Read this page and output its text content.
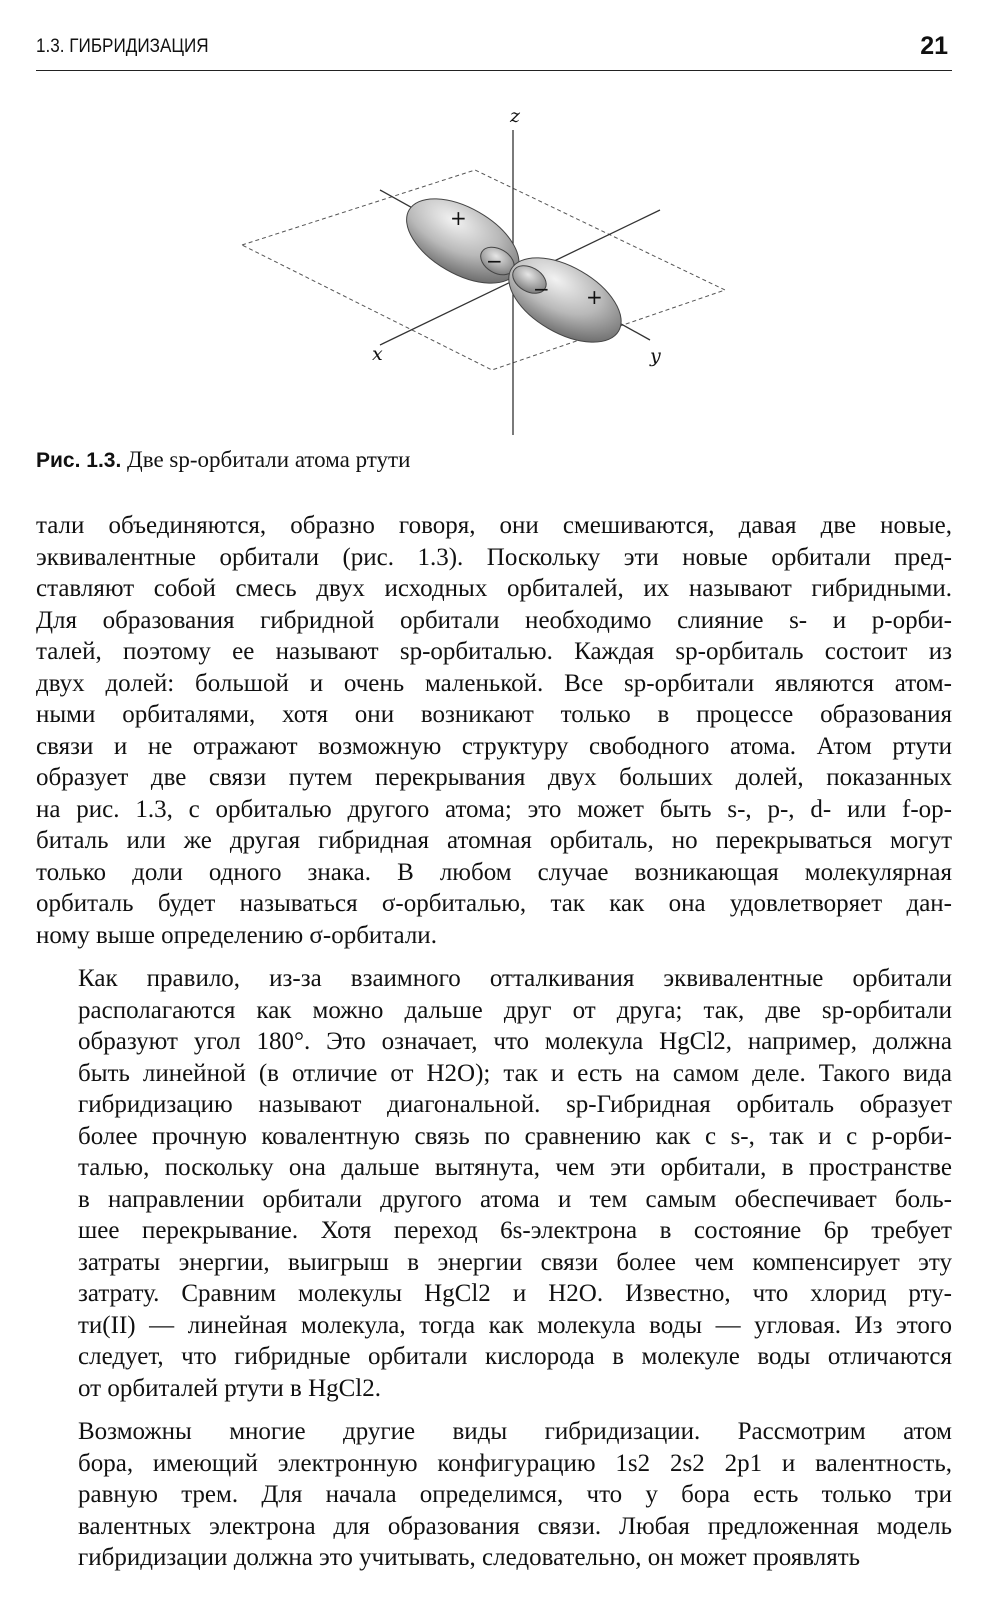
1.3. ГИБРИДИЗАЦИЯ	21
+
−
− +
z
x	y
Рис. 1.3. Две sp-орбитали атома ртути

тали объединяются, образно говоря, они смешиваются, давая две новые,
эквивалентные орбитали (рис. 1.3). Поскольку эти новые орбитали пред-
ставляют собой смесь двух исходных орбиталей, их называют гибридными.
Для образования гибридной орбитали необходимо слияние s- и p-орби-
талей, поэтому ее называют sp-орбиталью. Каждая sp-орбиталь состоит из
двух долей: большой и очень маленькой. Все sp-орбитали являются атом-
ными орбиталями, хотя они возникают только в процессе образования
связи и не отражают возможную структуру свободного атома. Атом ртути
образует две связи путем перекрывания двух больших долей, показанных
на рис. 1.3, с орбиталью другого атома; это может быть s-, p-, d- или f-ор-
биталь или же другая гибридная атомная орбиталь, но перекрываться могут
только доли одного знака. В любом случае возникающая молекулярная
орбиталь будет называться σ-орбиталью, так как она удовлетворяет дан-
ному выше определению σ-орбитали.

Как правило, из-за взаимного отталкивания эквивалентные орбитали
располагаются как можно дальше друг от друга; так, две sp-орбитали
образуют угол 180°. Это означает, что молекула HgCl2, например, должна
быть линейной (в отличие от H2O); так и есть на самом деле. Такого вида
гибридизацию называют диагональной. sp-Гибридная орбиталь образует
более прочную ковалентную связь по сравнению как с s-, так и с p-орби-
талью, поскольку она дальше вытянута, чем эти орбитали, в пространстве
в направлении орбитали другого атома и тем самым обеспечивает боль-
шее перекрывание. Хотя переход 6s-электрона в состояние 6p требует
затраты энергии, выигрыш в энергии связи более чем компенсирует эту
затрату. Сравним молекулы HgCl2 и H2O. Известно, что хлорид рту-
ти(II) — линейная молекула, тогда как молекула воды — угловая. Из этого
следует, что гибридные орбитали кислорода в молекуле воды отличаются
от орбиталей ртути в HgCl2.

Возможны многие другие виды гибридизации. Рассмотрим атом
бора, имеющий электронную конфигурацию 1s2 2s2 2p1 и валентность,
равную трем. Для начала определимся, что у бора есть только три
валентных электрона для образования связи. Любая предложенная модель
гибридизации должна это учитывать, следовательно, он может проявлять
